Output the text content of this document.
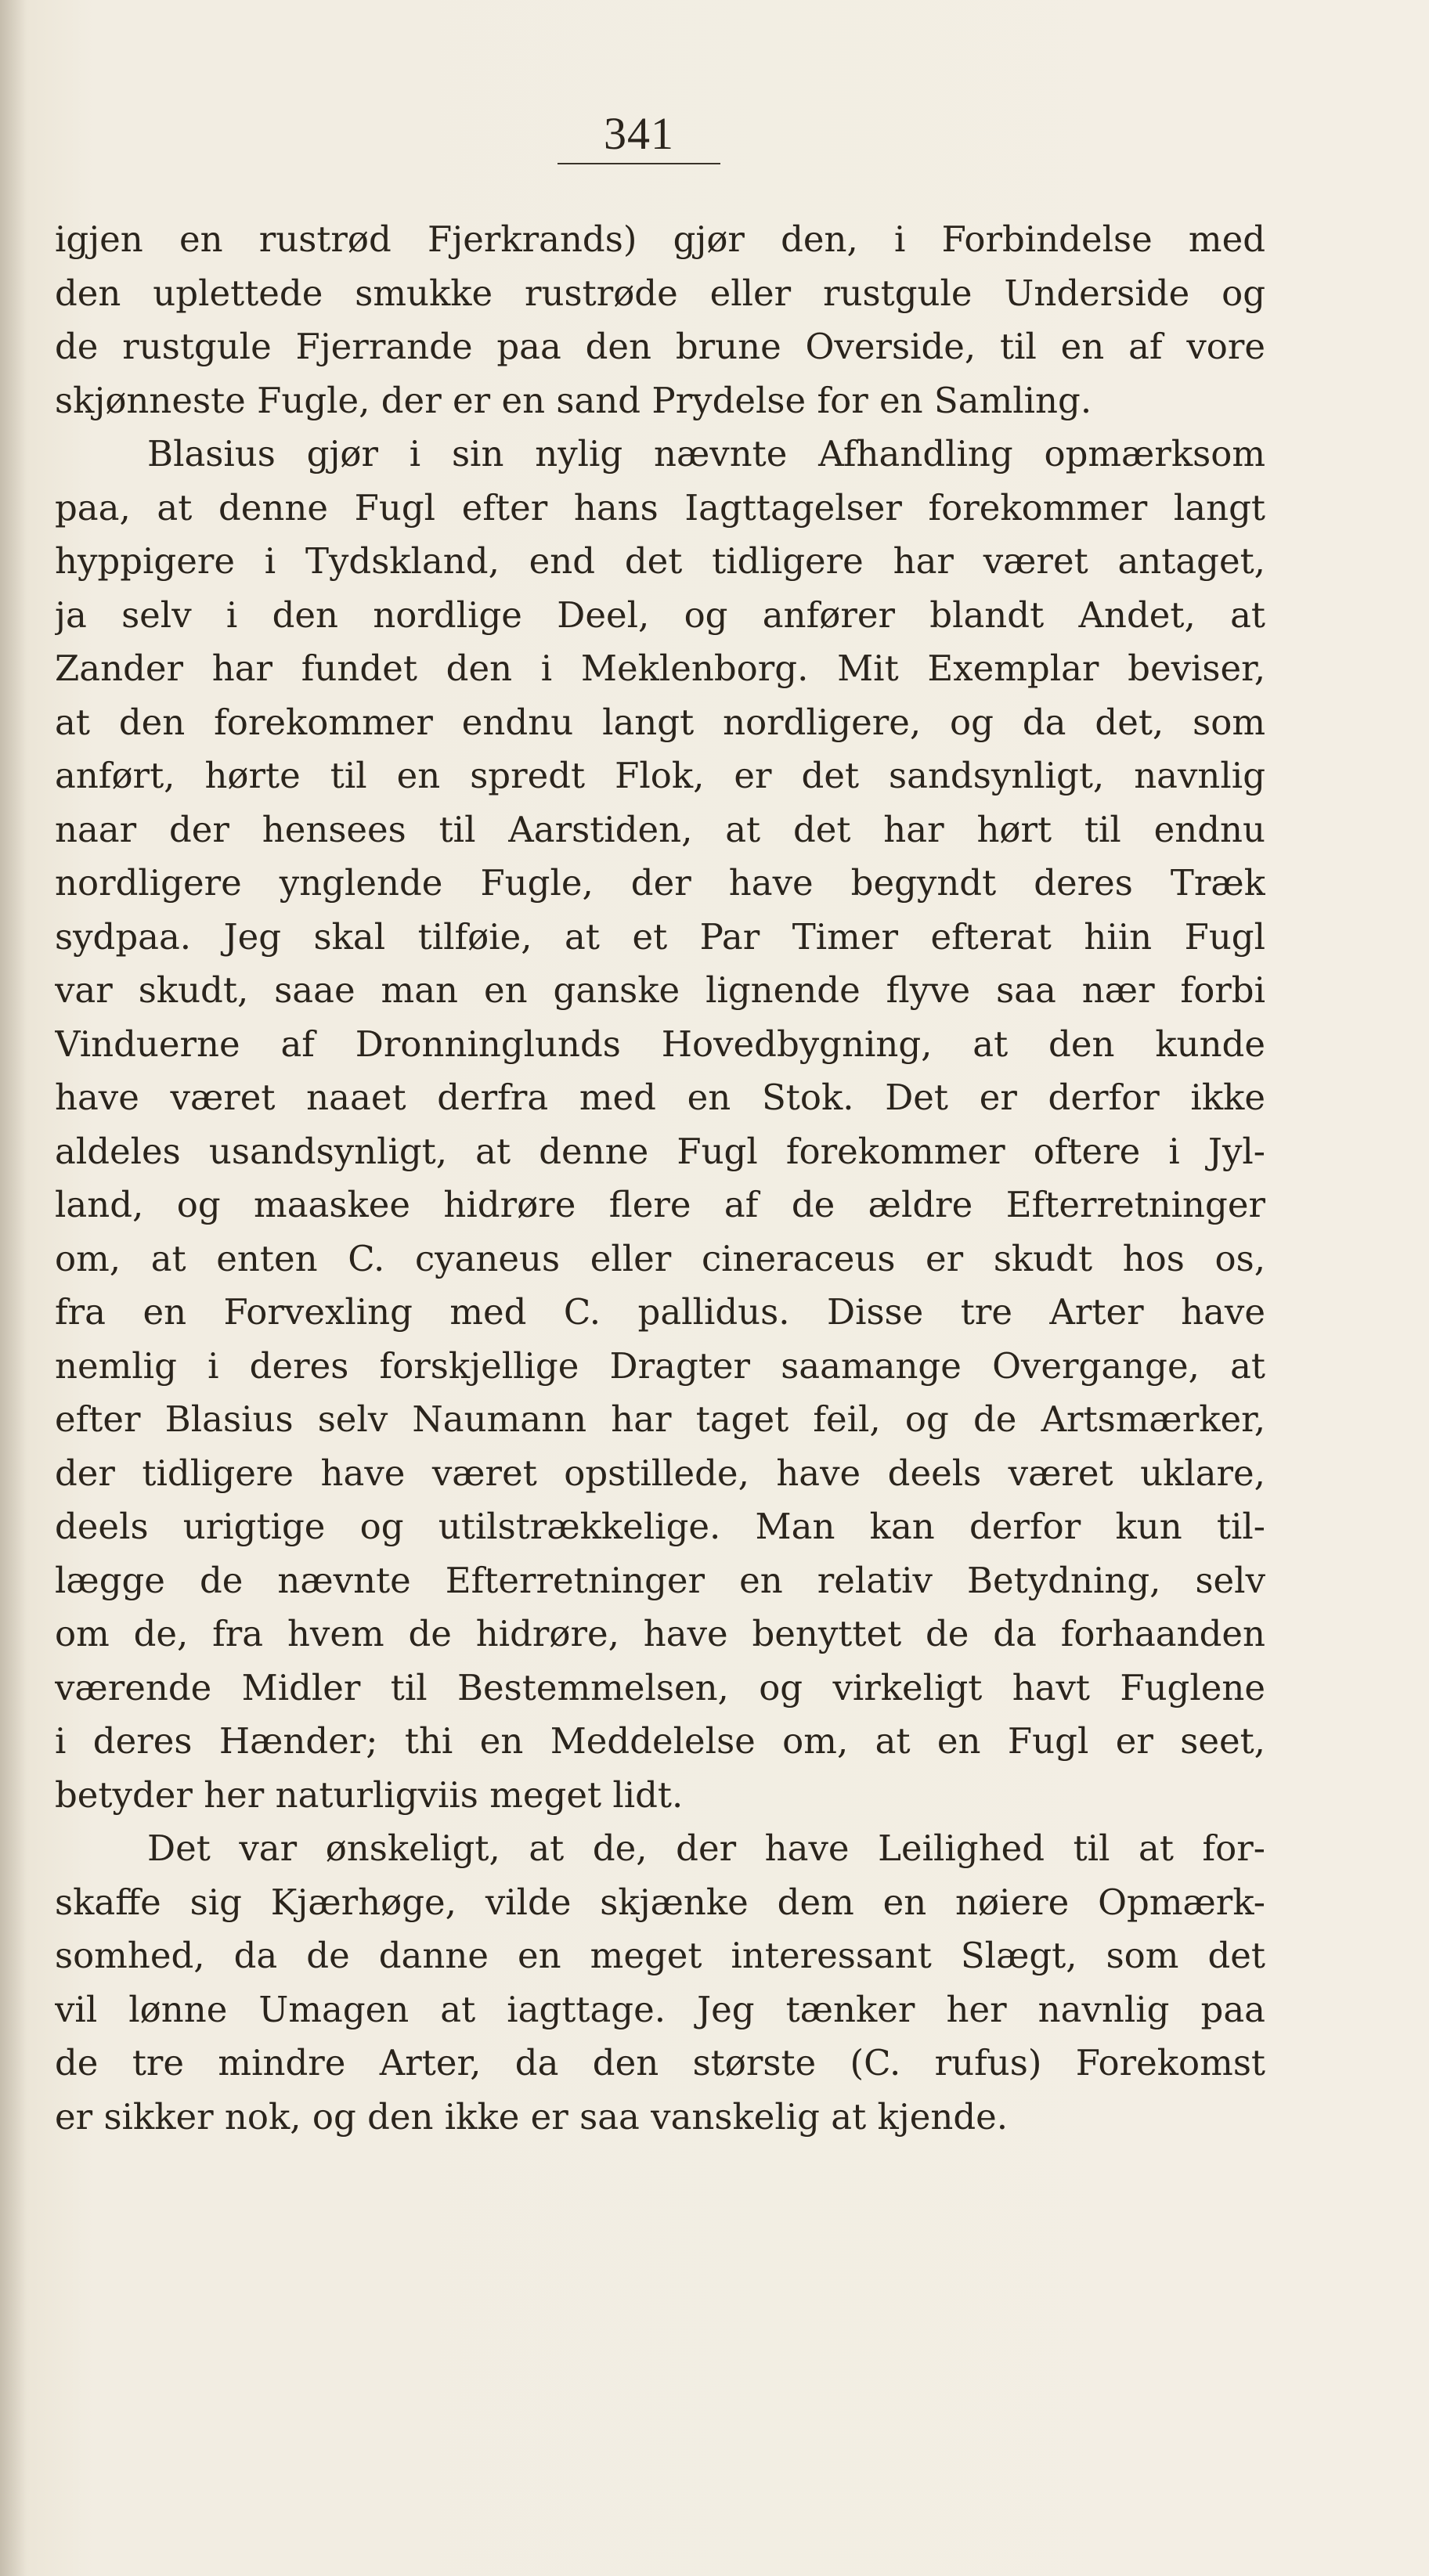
341
igjen en rustrød Fjerkrands) gjør den, i Forbindelse med
den uplettede smukke rustrøde eller rustgule Underside og
de rustgule Fjerrande paa den brune Overside, til en af vore
skjønneste Fugle, der er en sand Prydelse for en Samling.
Blasius gjør i sin nylig nævnte Afhandling opmærksom
paa, at denne Fugl efter hans Iagttagelser forekommer langt
hyppigere i Tydskland, end det tidligere har været antaget,
ja selv i den nordlige Deel, og anfører blandt Andet, at
Zander har fundet den i Meklenborg. Mit Exemplar beviser,
at den forekommer endnu langt nordligere, og da det, som
anført, hørte til en spredt Flok, er det sandsynligt, navnlig
naar der hensees til Aarstiden, at det har hørt til endnu
nordligere ynglende Fugle, der have begyndt deres Træk
sydpaa. Jeg skal tilføie, at et Par Timer efterat hiin Fugl
var skudt, saae man en ganske lignende flyve saa nær forbi
Vinduerne af Dronninglunds Hovedbygning, at den kunde
have været naaet derfra med en Stok. Det er derfor ikke
aldeles usandsynligt, at denne Fugl forekommer oftere i Jyl-
land, og maaskee hidrøre flere af de ældre Efterretninger
om, at enten C. cyaneus eller cineraceus er skudt hos os,
fra en Forvexling med C. pallidus. Disse tre Arter have
nemlig i deres forskjellige Dragter saamange Overgange, at
efter Blasius selv Naumann har taget feil, og de Artsmærker,
der tidligere have været opstillede, have deels været uklare,
deels urigtige og utilstrækkelige. Man kan derfor kun til-
lægge de nævnte Efterretninger en relativ Betydning, selv
om de, fra hvem de hidrøre, have benyttet de da forhaanden
værende Midler til Bestemmelsen, og virkeligt havt Fuglene
i deres Hænder; thi en Meddelelse om, at en Fugl er seet,
betyder her naturligviis meget lidt.
Det var ønskeligt, at de, der have Leilighed til at for-
skaffe sig Kjærhøge, vilde skjænke dem en nøiere Opmærk-
somhed, da de danne en meget interessant Slægt, som det
vil lønne Umagen at iagttage. Jeg tænker her navnlig paa
de tre mindre Arter, da den største (C. rufus) Forekomst
er sikker nok, og den ikke er saa vanskelig at kjende.
